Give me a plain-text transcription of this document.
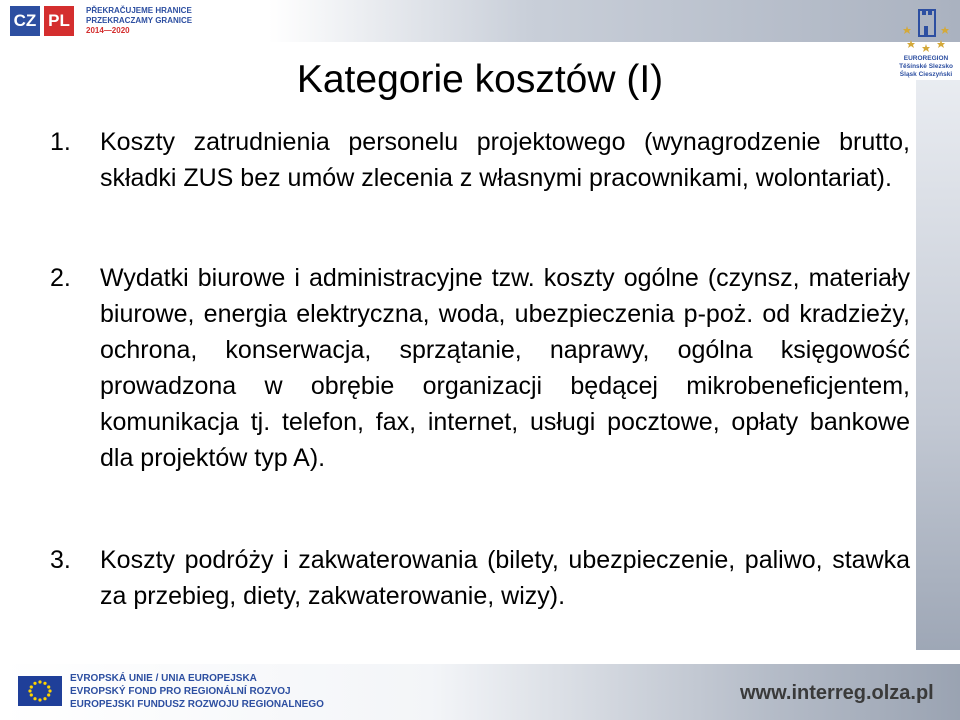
CZ PL
PŘEKRAČUJEME HRANICE
PRZEKRACZAMY GRANICE
2014—2020
EUROREGION
Těšínské Slezsko
Śląsk Cieszyński
Kategorie kosztów (I)
1. Koszty zatrudnienia personelu projektowego (wynagrodzenie brutto, składki ZUS bez umów zlecenia z własnymi pracownikami, wolontariat).
2. Wydatki biurowe i administracyjne tzw. koszty ogólne (czynsz, materiały biurowe, energia elektryczna, woda, ubezpieczenia p-poż. od kradzieży, ochrona, konserwacja, sprzątanie, naprawy, ogólna księgowość prowadzona w obrębie organizacji będącej mikrobeneficjentem, komunikacja tj. telefon, fax, internet, usługi pocztowe, opłaty bankowe dla projektów typ A).
3. Koszty podróży i zakwaterowania (bilety, ubezpieczenie, paliwo, stawka za przebieg, diety, zakwaterowanie, wizy).
EVROPSKÁ UNIE / UNIA EUROPEJSKA
EVROPSKÝ FOND PRO REGIONÁLNÍ ROZVOJ
EUROPEJSKI FUNDUSZ ROZWOJU REGIONALNEGO
www.interreg.olza.pl
